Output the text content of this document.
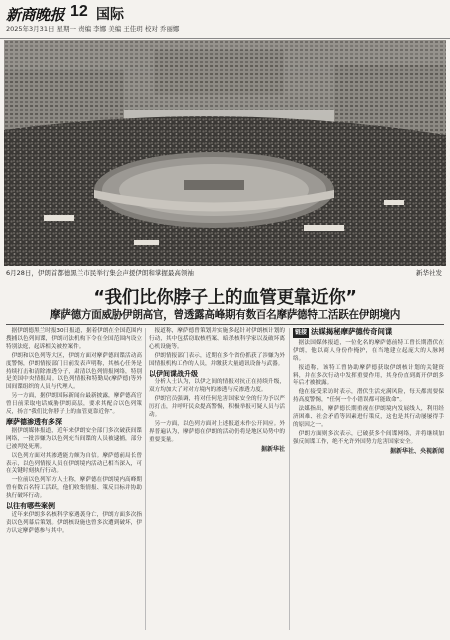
新商晚报 12 国际
2025年3月31日 星期一 责编 李娜 美编 王佳玥 校对 乔丽娜
6月28日，伊朗首都德黑兰市民举行集会声援伊朗和掌握最高领袖	新华社发
“我们比你脖子上的血管更靠近你”
摩萨德方面威胁伊朗高官，曾透露高峰期有数百名摩萨德特工活跃在伊朗境内

据伊朗德黑兰时报30日报道，据着伊朗在全国范围内搜捕以色列间谍，伊朗司法机构下令在全国范围内设立特别法庭，起诉相关被控案件。

伊朗和以色列等大区，伊朗方面对摩萨德间谍活动高度警惕，伊朗情报部门日前发表声明称，其核心任务是持续打击和清除渗透分子，肃清以色列情报网络，特别是美国中央情报局。以色列情报和特勤局(摩萨德)等外国间谍组织的人员与代理人。

另一方面，据伊朗国际新闻台最新披露，摩萨德高官曾日前采取电话威胁伊朗高层，要求其配合以色列策反，扬言“我们比你脖子上的血管更靠近你”。

摩萨德渗透有多深

据伊朗媒体报道，近年来伊朗安全部门多次破获间谍网络，一批涉嫌为以色列充当间谍的人员被逮捕，部分已被判处死刑。

以色列方面对其渗透能力颇为自信。摩萨德前局长曾表示，以色列情报人员在伊朗境内活动已相当深入，可在关键时刻执行行动。

一位前以色列军方人士称，摩萨德在伊朗境内高峰期曾有数百名特工活跃，他们收集情报、策反目标并协助执行破坏行动。

以往有哪些案例

近年来伊朗多名核科学家遇袭身亡，伊朗方面多次指责以色列幕后策划。伊朗核设施也曾多次遭到破坏，伊方认定摩萨德参与其中。

报道称，摩萨德曾策划并实施多起针对伊朗核计划的行动，其中包括窃取核档案、暗杀核科学家以及破坏离心机设施等。

伊朗情报部门表示，近期在多个省份抓获了涉嫌为外国情报机构工作的人员，并缴获大量通讯设备与武器。

以伊间谍战升级

分析人士认为，以伊之间的情报对抗正在持续升级，双方均加大了对对方境内的渗透与反渗透力度。

伊朗官员强调，将对任何危害国家安全的行为予以严厉打击，并呼吁民众提高警惕，积极举报可疑人员与活动。

另一方面，以色列方面对上述报道未作公开回应。外界普遍认为，摩萨德在伊朗的活动仍将是地区局势中的重要变量。

据新华社
链接 法媒揭秘摩萨德传奇间谍

据法国媒体报道，一位化名的摩萨德前特工曾长期潜伏在伊朗，他以商人身份作掩护，在当地建立起庞大的人脉网络。

报道称，该特工曾协助摩萨德获取伊朗核计划的关键资料，并在多次行动中发挥重要作用，其身份直到离开伊朗多年后才被披露。

他在接受采访时表示，潜伏生活充满风险，每天都需要保持高度警惕，“任何一个小错误都可能致命”。

法媒指出，摩萨德长期重视在伊朗境内发展线人，利用经济困难、社会矛盾等因素进行策反，这也是其行动屡屡得手的原因之一。

伊朗方面则多次表示，已破获多个间谍网络，并将继续加强反间谍工作，绝不允许外国势力危害国家安全。

据新华社、央视新闻
